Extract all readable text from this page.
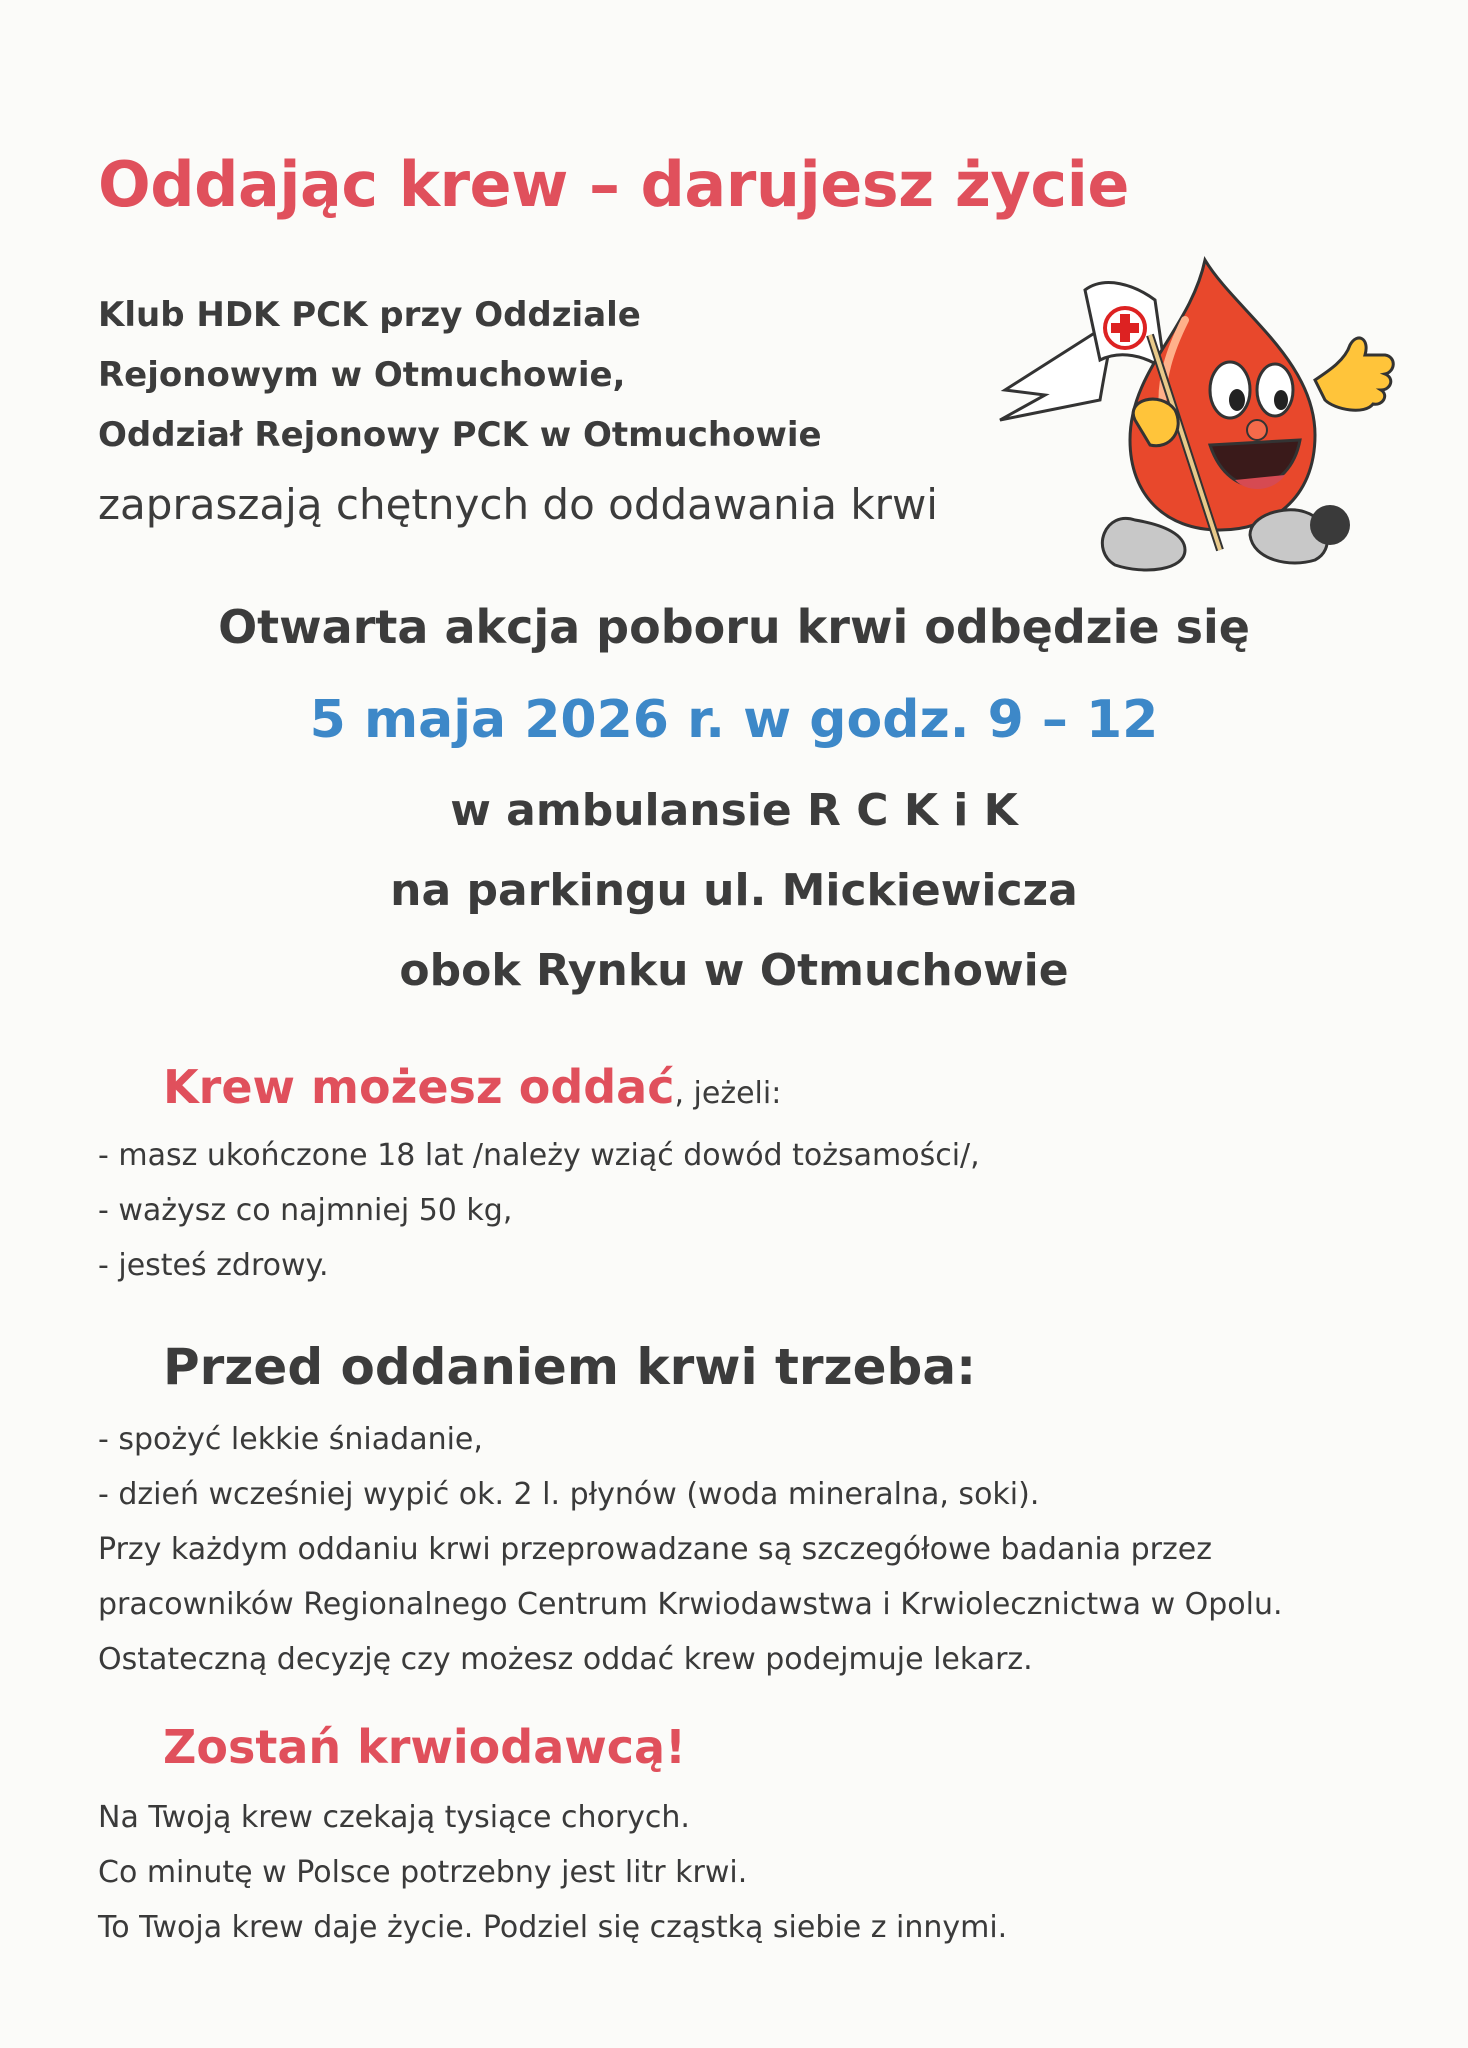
Oddając krew – darujesz życie
Klub HDK PCK przy Oddziale
Rejonowym w Otmuchowie,
Oddział Rejonowy PCK w Otmuchowie
zapraszają chętnych do oddawania krwi
Otwarta akcja poboru krwi odbędzie się
5 maja 2026 r. w godz. 9 – 12
w ambulansie R C K i K
na parkingu ul. Mickiewicza
obok Rynku w Otmuchowie
Krew możesz oddać, jeżeli:
- masz ukończone 18 lat /należy wziąć dowód tożsamości/,
- ważysz co najmniej 50 kg,
- jesteś zdrowy.
Przed oddaniem krwi trzeba:
- spożyć lekkie śniadanie,
- dzień wcześniej wypić ok. 2 l. płynów (woda mineralna, soki).
Przy każdym oddaniu krwi przeprowadzane są szczegółowe badania przez
pracowników Regionalnego Centrum Krwiodawstwa i Krwiolecznictwa w Opolu.
Ostateczną decyzję czy możesz oddać krew podejmuje lekarz.
Zostań krwiodawcą!
Na Twoją krew czekają tysiące chorych.
Co minutę w Polsce potrzebny jest litr krwi.
To Twoja krew daje życie. Podziel się cząstką siebie z innymi.
